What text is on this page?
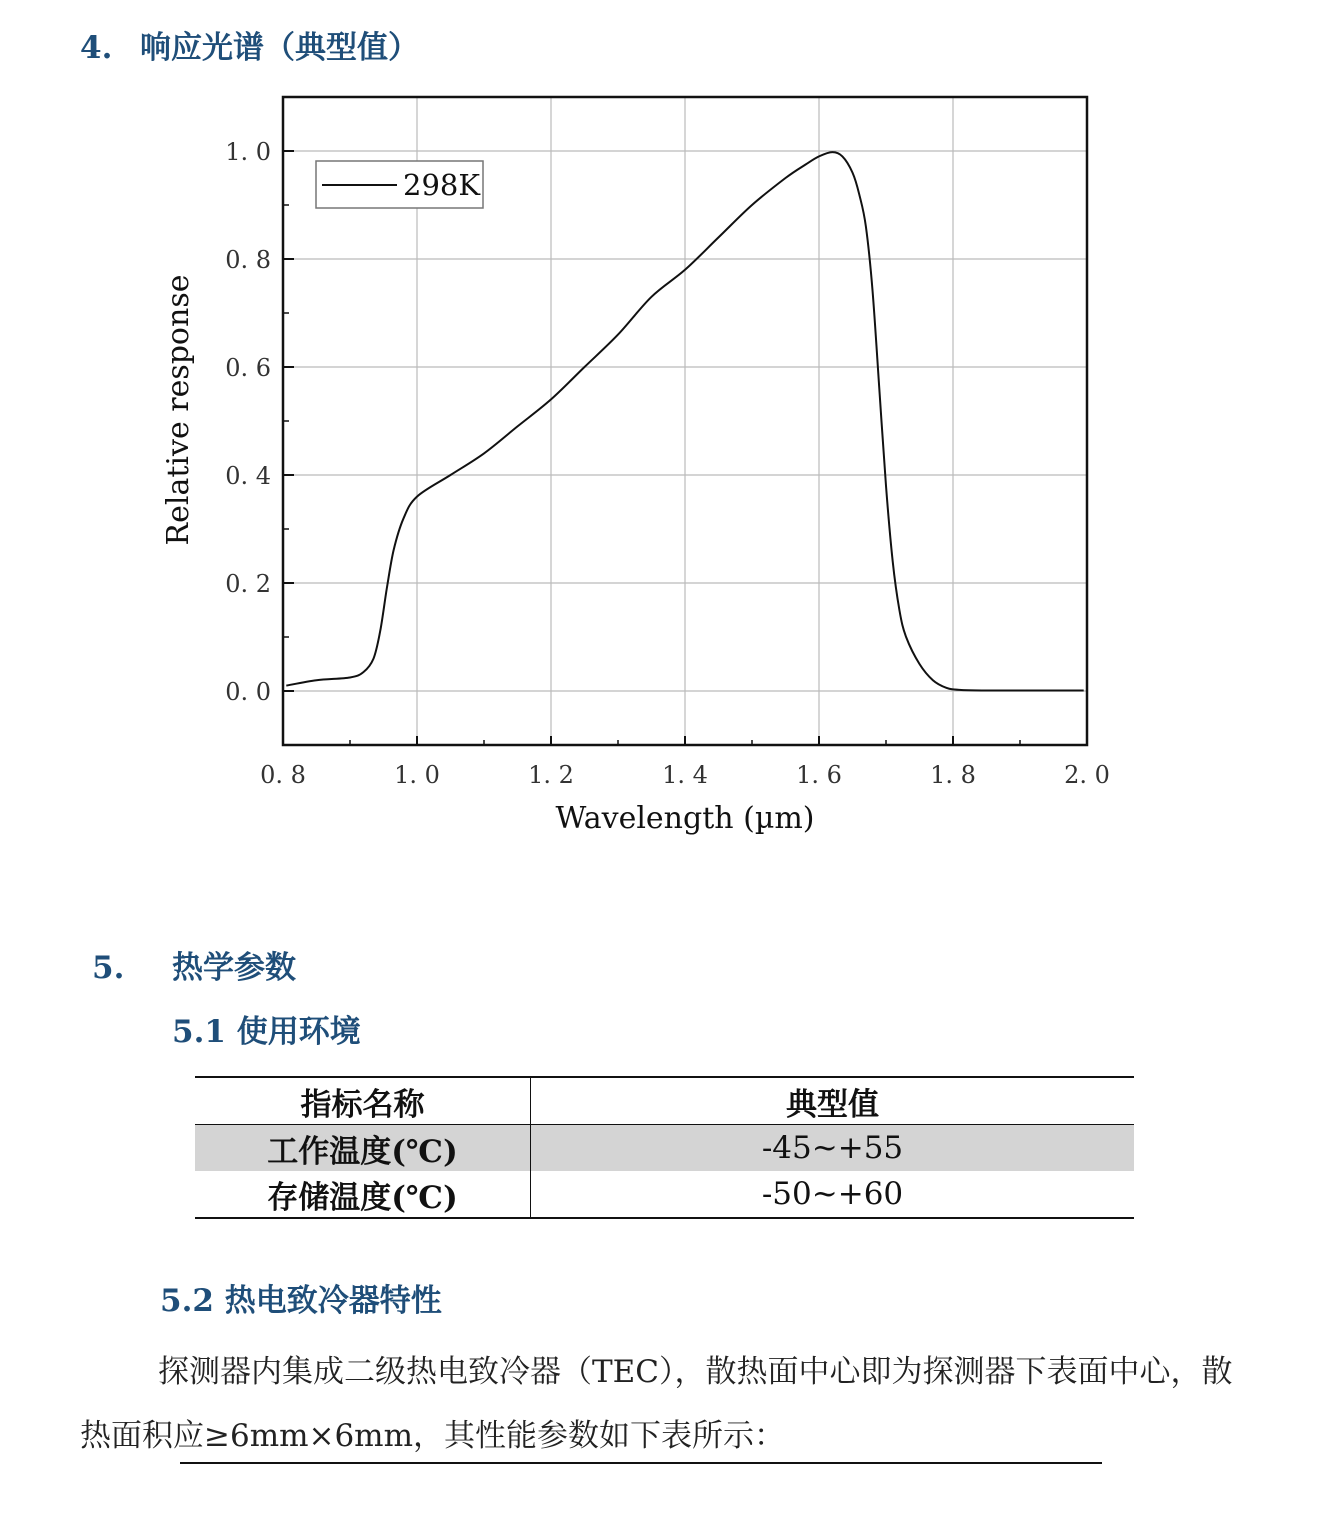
4. 响应光谱（典型值）
0. 8	1. 0	1. 2	1. 4	1. 6	1. 8	2. 0
0. 0
0. 2
0. 4
0. 6
0. 8
1. 0
298K
Wavelength (µm)
Relative response
5. 热学参数
5.1 使用环境
指标名称	典型值
工作温度(℃)	-45~+55
存储温度(℃)	-50~+60
5.2 热电致冷器特性

探测器内集成二级热电致冷器（TEC），散热面中心即为探测器下表面中心，散热面积应≥6mm×6mm，其性能参数如下表所示：
